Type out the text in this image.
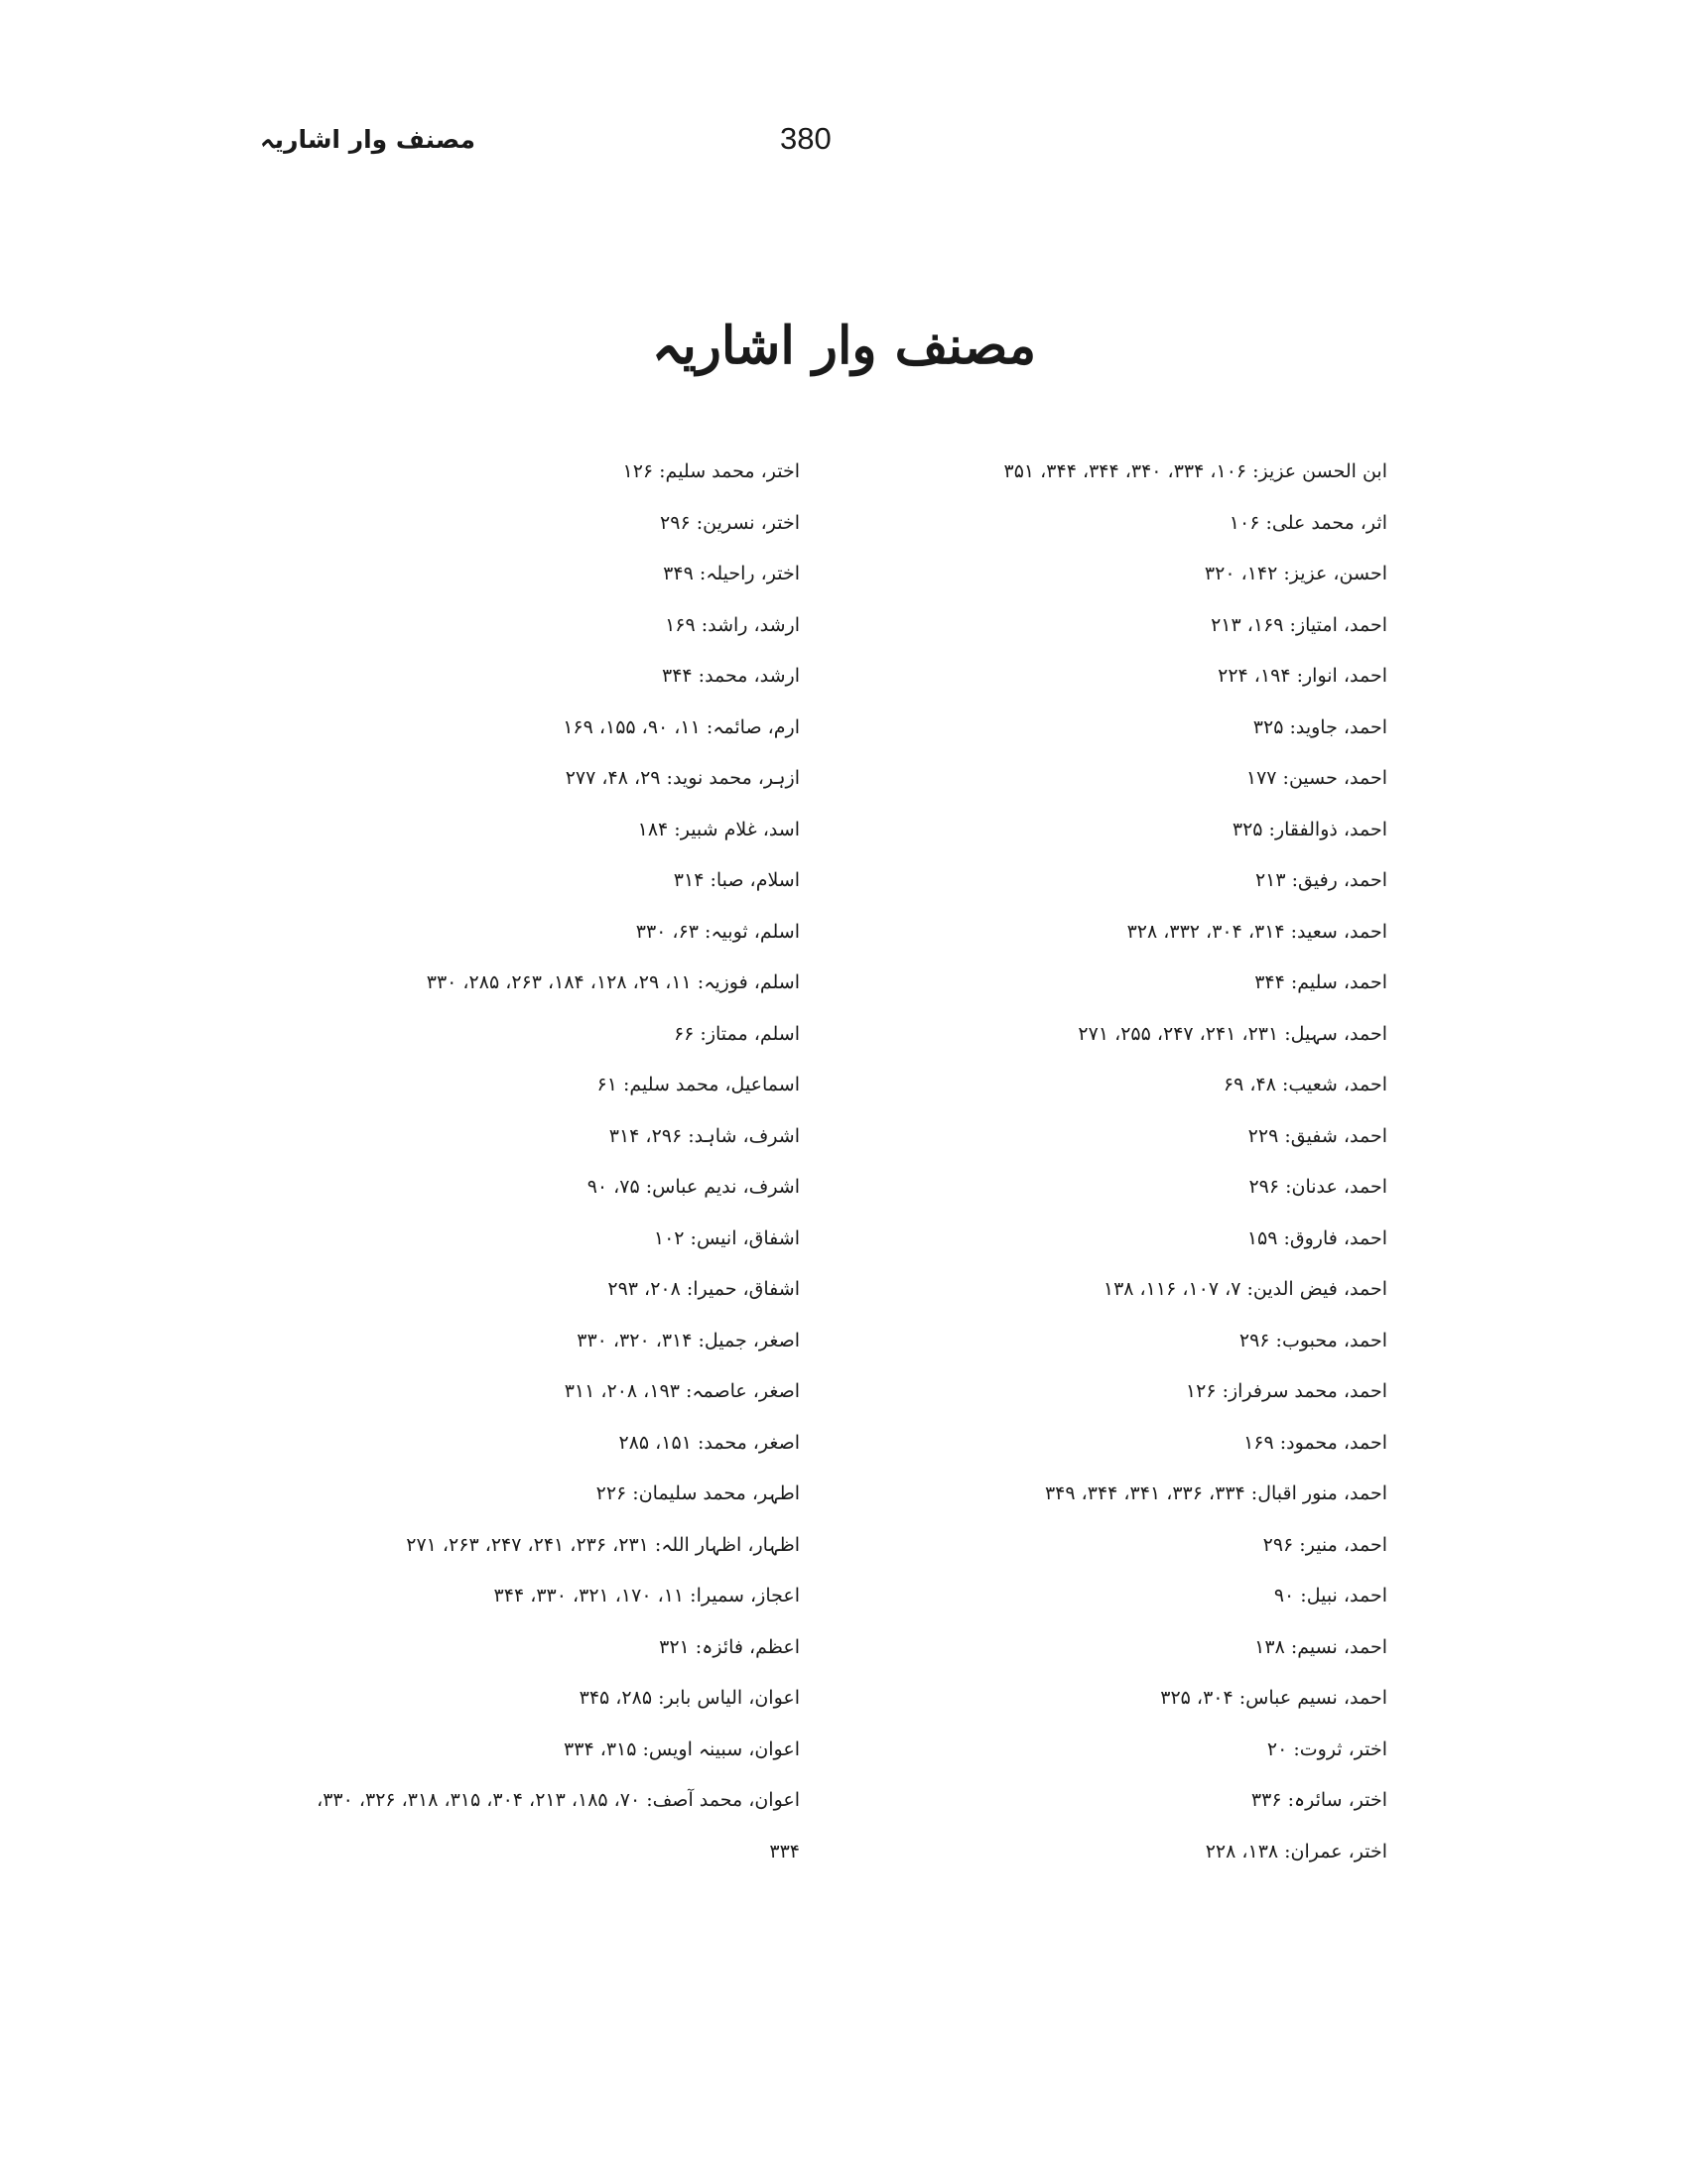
مصنف وار اشاریہ	380
مصنف وار اشاریہ
ابن الحسن عزیز: ۱۰۶، ۳۳۴، ۳۴۰، ۳۴۴، ۳۴۴، ۳۵۱
اثر، محمد علی: ۱۰۶
احسن، عزیز: ۱۴۲، ۳۲۰
احمد، امتیاز: ۱۶۹، ۲۱۳
احمد، انوار: ۱۹۴، ۲۲۴
احمد، جاوید: ۳۲۵
احمد، حسین: ۱۷۷
احمد، ذوالفقار: ۳۲۵
احمد، رفیق: ۲۱۳
احمد، سعید: ۳۱۴، ۳۰۴، ۳۳۲، ۳۲۸
احمد، سلیم: ۳۴۴
احمد، سہیل: ۲۳۱، ۲۴۱، ۲۴۷، ۲۵۵، ۲۷۱
احمد، شعیب: ۴۸، ۶۹
احمد، شفیق: ۲۲۹
احمد، عدنان: ۲۹۶
احمد، فاروق: ۱۵۹
احمد، فیض الدین: ۷، ۱۰۷، ۱۱۶، ۱۳۸
احمد، محبوب: ۲۹۶
احمد، محمد سرفراز: ۱۲۶
احمد، محمود: ۱۶۹
احمد، منور اقبال: ۳۳۴، ۳۳۶، ۳۴۱، ۳۴۴، ۳۴۹
احمد، منیر: ۲۹۶
احمد، نبیل: ۹۰
احمد، نسیم: ۱۳۸
احمد، نسیم عباس: ۳۰۴، ۳۲۵
اختر، ثروت: ۲۰
اختر، سائرہ: ۳۳۶
اختر، عمران: ۱۳۸، ۲۲۸
اختر، محمد سلیم: ۱۲۶
اختر، نسرین: ۲۹۶
اختر، راحیلہ: ۳۴۹
ارشد، راشد: ۱۶۹
ارشد، محمد: ۳۴۴
ارم، صائمہ: ۱۱، ۹۰، ۱۵۵، ۱۶۹
ازہر، محمد نوید: ۲۹، ۴۸، ۲۷۷
اسد، غلام شبیر: ۱۸۴
اسلام، صبا: ۳۱۴
اسلم، ثوبیہ: ۶۳، ۳۳۰
اسلم، فوزیہ: ۱۱، ۲۹، ۱۲۸، ۱۸۴، ۲۶۳، ۲۸۵، ۳۳۰
اسلم، ممتاز: ۶۶
اسماعیل، محمد سلیم: ۶۱
اشرف، شاہد: ۲۹۶، ۳۱۴
اشرف، ندیم عباس: ۷۵، ۹۰
اشفاق، انیس: ۱۰۲
اشفاق، حمیرا: ۲۰۸، ۲۹۳
اصغر، جمیل: ۳۱۴، ۳۲۰، ۳۳۰
اصغر، عاصمہ: ۱۹۳، ۲۰۸، ۳۱۱
اصغر، محمد: ۱۵۱، ۲۸۵
اطہر، محمد سلیمان: ۲۲۶
اظہار، اظہار اللہ: ۲۳۱، ۲۳۶، ۲۴۱، ۲۴۷، ۲۶۳، ۲۷۱
اعجاز، سمیرا: ۱۱، ۱۷۰، ۳۲۱، ۳۳۰، ۳۴۴
اعظم، فائزہ: ۳۲۱
اعوان، الیاس بابر: ۲۸۵، ۳۴۵
اعوان، سبینہ اویس: ۳۱۵، ۳۳۴
اعوان، محمد آصف: ۷۰، ۱۸۵، ۲۱۳، ۳۰۴، ۳۱۵، ۳۱۸، ۳۲۶، ۳۳۰،
۳۳۴
